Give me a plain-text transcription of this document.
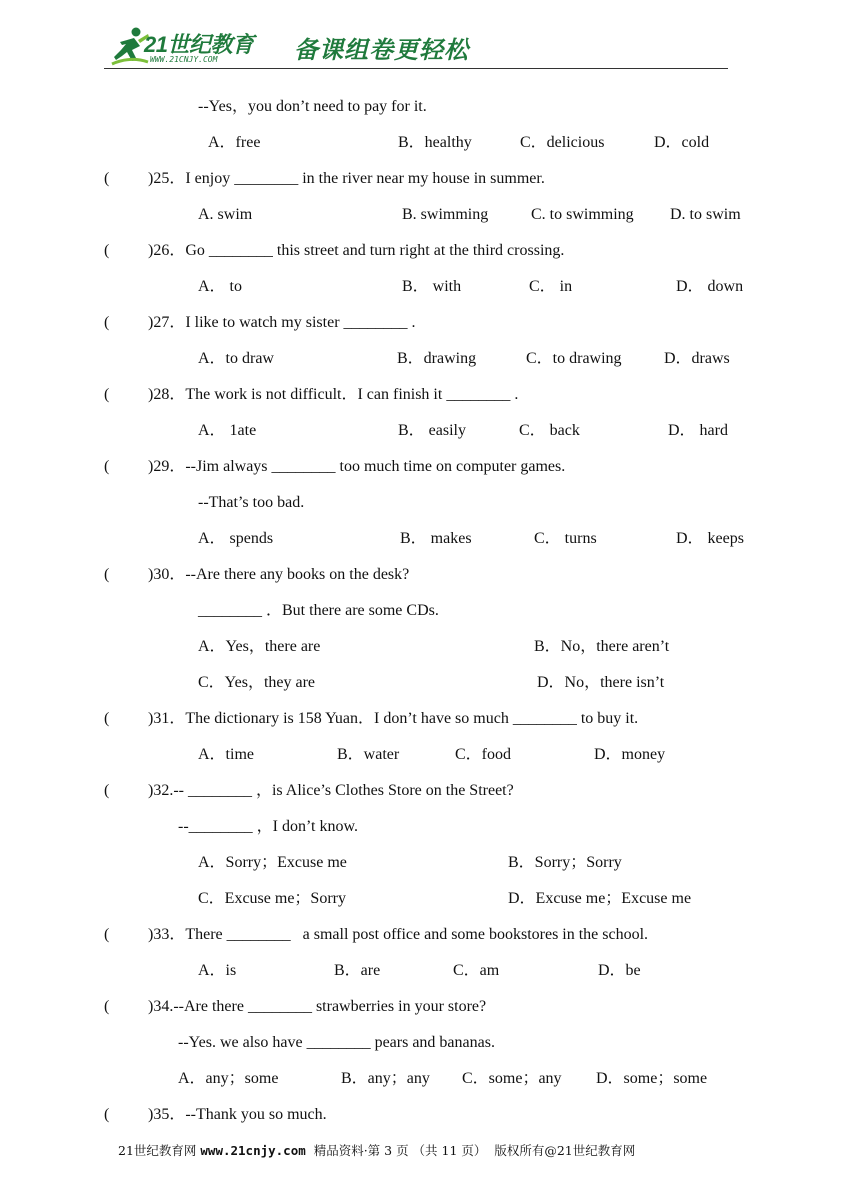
21世纪教育
WWW.21CNJY.COM	备课组卷更轻松
(
(
(
(
(
(
(
(
(
(
(
--Yes，you don’t need to pay for it.
A．free	B．healthy	C．delicious	D．cold
)25．I enjoy ________ in the river near my house in summer.
A. swim	B. swimming	C. to swimming D. to swim
)26．Go ________ this street and turn right at the third crossing.
A． to	B． with	C． in	D． down
)27．I like to watch my sister ________ .
A．to draw	B．drawing	C．to drawing	D．draws
)28．The work is not difficult．I can finish it ________ .
A． 1ate	B． easily	C． back	D． hard
)29．--Jim always ________ too much time on computer games.
--That’s too bad.
A． spends	B． makes	C． turns	D． keeps
)30．--Are there any books on the desk?
________ ．But there are some CDs.
A．Yes，there are	B．No，there aren’t
C．Yes，they are	D．No，there isn’t
)31．The dictionary is 158 Yuan．I don’t have so much ________ to buy it.
A．time	B．water	C．food	D．money
)32.-- ________ ，is Alice’s Clothes Store on the Street?
--________ ，I don’t know.
A．Sorry；Excuse me	B．Sorry；Sorry
C．Excuse me；Sorry	D．Excuse me；Excuse me
)33．There ________   a small post office and some bookstores in the school.
A．is	B．are	C．am	D．be
)34.--Are there ________ strawberries in your store?
--Yes. we also have ________ pears and bananas.
A．any；some	B．any；any C．some；any D．some；some
)35．--Thank you so much.
21世纪教育网 www.21cnjy.com 精品资料·第 3 页 （共 11 页） 版权所有@21世纪教育网
